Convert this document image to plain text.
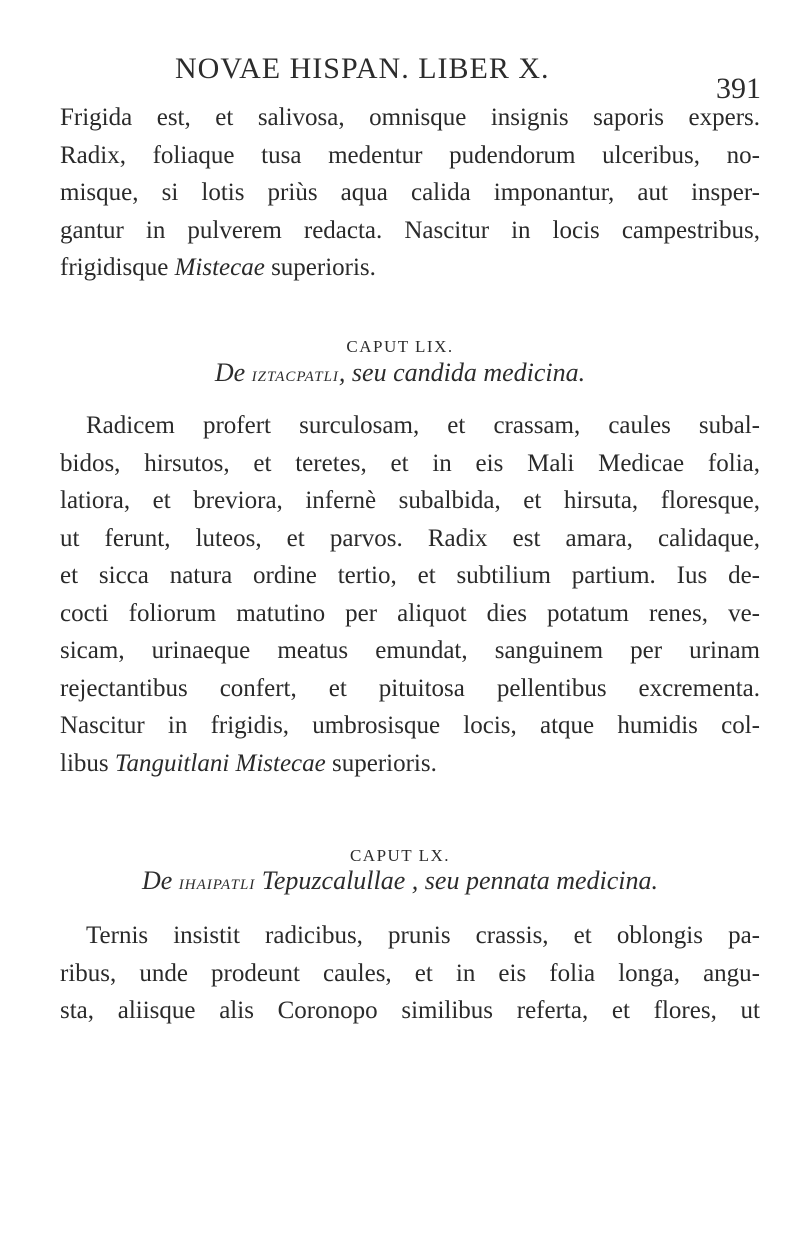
NOVAE HISPAN. LIBER X.
391
Frigida est, et salivosa, omnisque insignis saporis expers.
Radix, foliaque tusa medentur pudendorum ulceribus, no-
misque, si lotis priùs aqua calida imponantur, aut insper-
gantur in pulverem redacta. Nascitur in locis campestribus,
frigidisque Mistecae superioris.
CAPUT LIX.
De iztacpatli, seu candida medicina.
Radicem profert surculosam, et crassam, caules subal-
bidos, hirsutos, et teretes, et in eis Mali Medicae folia,
latiora, et breviora, infernè subalbida, et hirsuta, floresque,
ut ferunt, luteos, et parvos. Radix est amara, calidaque,
et sicca natura ordine tertio, et subtilium partium. Ius de-
cocti foliorum matutino per aliquot dies potatum renes, ve-
sicam, urinaeque meatus emundat, sanguinem per urinam
rejectantibus confert, et pituitosa pellentibus excrementa.
Nascitur in frigidis, umbrosisque locis, atque humidis col-
libus Tanguitlani Mistecae superioris.
CAPUT LX.
De ihaipatli Tepuzcalullae , seu pennata medicina.
Ternis insistit radicibus, prunis crassis, et oblongis pa-
ribus, unde prodeunt caules, et in eis folia longa, angu-
sta, aliisque alis Coronopo similibus referta, et flores, ut
